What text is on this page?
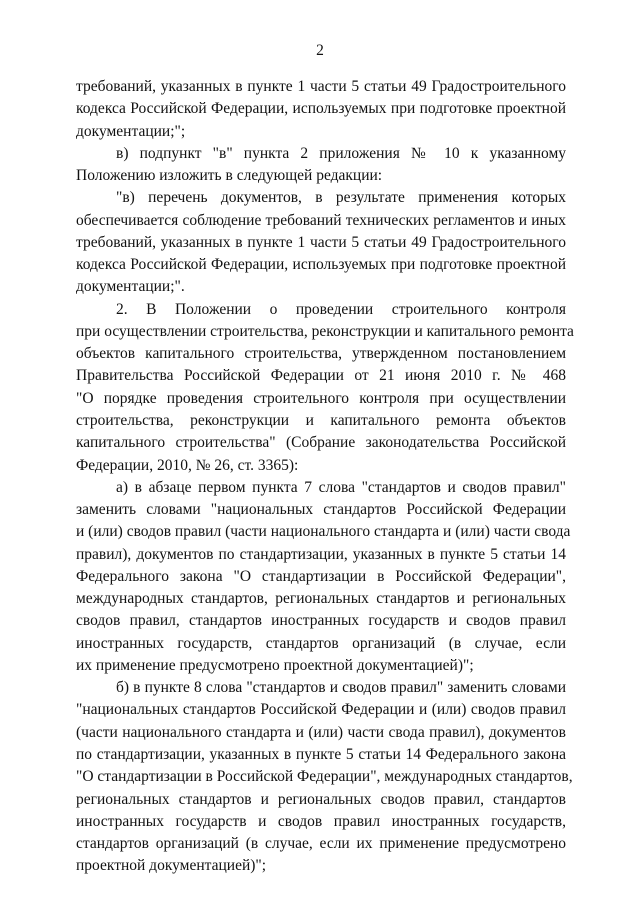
2
требований, указанных в пункте 1 части 5 статьи 49 Градостроительного
кодекса Российской Федерации, используемых при подготовке проектной
документации;";
в) подпункт "в" пункта 2 приложения № 10 к указанному
Положению изложить в следующей редакции:
"в) перечень документов, в результате применения которых
обеспечивается соблюдение требований технических регламентов и иных
требований, указанных в пункте 1 части 5 статьи 49 Градостроительного
кодекса Российской Федерации, используемых при подготовке проектной
документации;".
2. В Положении о проведении строительного контроля
при осуществлении строительства, реконструкции и капитального ремонта
объектов капитального строительства, утвержденном постановлением
Правительства Российской Федерации от 21 июня 2010 г. № 468
"О порядке проведения строительного контроля при осуществлении
строительства, реконструкции и капитального ремонта объектов
капитального строительства" (Собрание законодательства Российской
Федерации, 2010, № 26, ст. 3365):
а) в абзаце первом пункта 7 слова "стандартов и сводов правил"
заменить словами "национальных стандартов Российской Федерации
и (или) сводов правил (части национального стандарта и (или) части свода
правил), документов по стандартизации, указанных в пункте 5 статьи 14
Федерального закона "О стандартизации в Российской Федерации",
международных стандартов, региональных стандартов и региональных
сводов правил, стандартов иностранных государств и сводов правил
иностранных государств, стандартов организаций (в случае, если
их применение предусмотрено проектной документацией)";
б) в пункте 8 слова "стандартов и сводов правил" заменить словами
"национальных стандартов Российской Федерации и (или) сводов правил
(части национального стандарта и (или) части свода правил), документов
по стандартизации, указанных в пункте 5 статьи 14 Федерального закона
"О стандартизации в Российской Федерации", международных стандартов,
региональных стандартов и региональных сводов правил, стандартов
иностранных государств и сводов правил иностранных государств,
стандартов организаций (в случае, если их применение предусмотрено
проектной документацией)";
